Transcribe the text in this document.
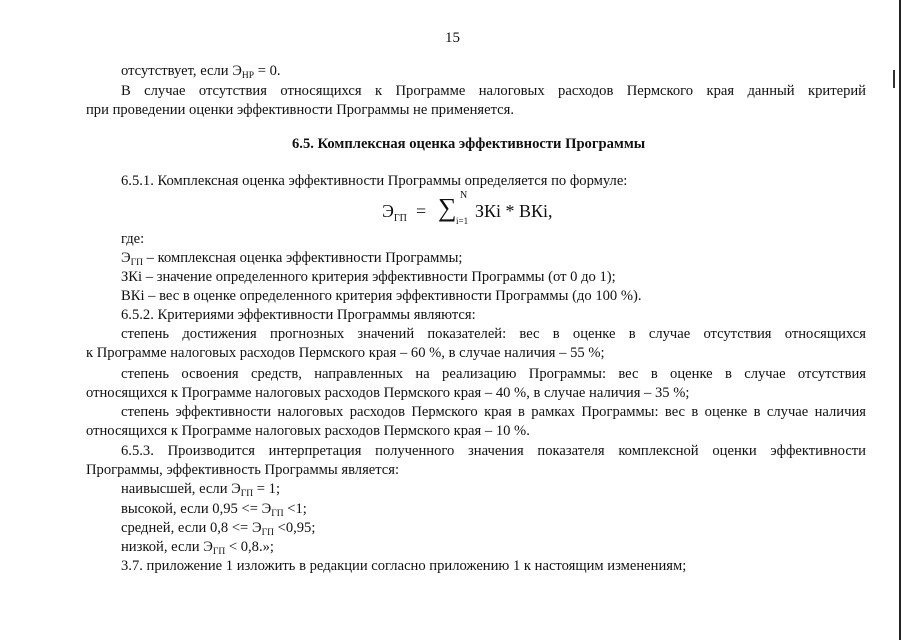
15
отсутствует, если $Э_{НР} = 0$.
В случае отсутствия относящихся к Программе налоговых расходов Пермского края данный критерий
при проведении оценки эффективности Программы не применяется.
6.5. Комплексная оценка эффективности Программы
6.5.1. Комплексная оценка эффективности Программы определяется по формуле:
$Э_{ГП}$ = ∑ N
i=1 ЗКi * ВКi,
где:
$Э_{ГП}$ – комплексная оценка эффективности Программы;
ЗКi – значение определенного критерия эффективности Программы (от 0 до 1);
ВКi – вес в оценке определенного критерия эффективности Программы (до 100 %).
6.5.2. Критериями эффективности Программы являются:
степень достижения прогнозных значений показателей: вес в оценке в случае отсутствия относящихся
к Программе налоговых расходов Пермского края – 60 %, в случае наличия – 55 %;
степень освоения средств, направленных на реализацию Программы: вес в оценке в случае отсутствия
относящихся к Программе налоговых расходов Пермского края – 40 %, в случае наличия – 35 %;
степень эффективности налоговых расходов Пермского края в рамках Программы: вес в оценке в случае наличия
относящихся к Программе налоговых расходов Пермского края – 10 %.
6.5.3. Производится интерпретация полученного значения показателя комплексной оценки эффективности
Программы, эффективность Программы является:
наивысшей, если $Э_{ГП} = 1$;
высокой, если $0,95 <= Э_{ГП} <1$;
средней, если $0,8 <= Э_{ГП} <0,95$;
низкой, если $Э_{ГП} < 0,8$.»;
3.7. приложение 1 изложить в редакции согласно приложению 1 к настоящим изменениям;
